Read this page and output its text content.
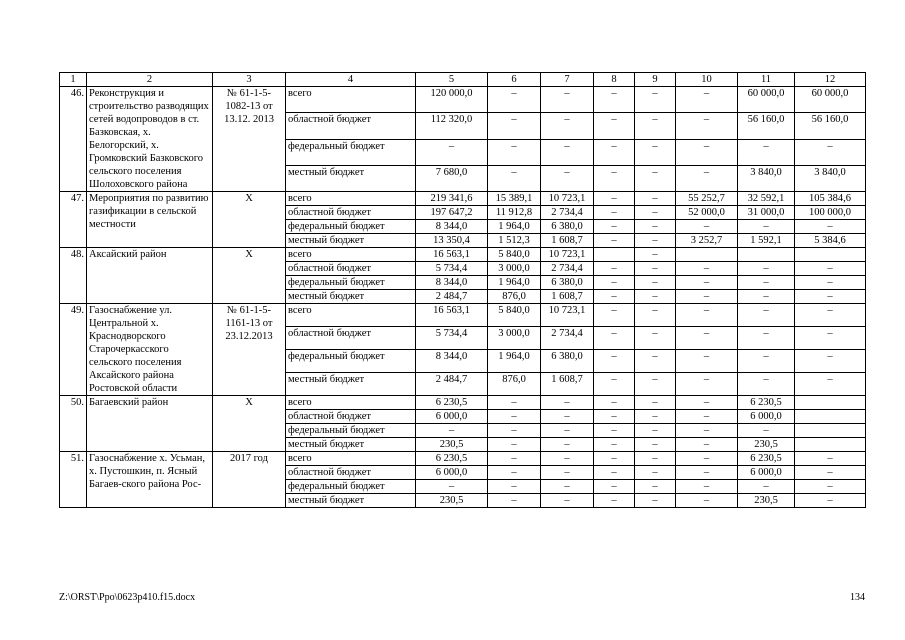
1	2	3	4	5	6	7	8	9	10	11	12
46.	Реконструкция и строительство разводящих сетей водопроводов в ст. Базковская, х. Белогорский, х. Громковский Базковского сельского поселения Шолоховского района	№ 61-1-5-1082-13 от 13.12. 2013	всего	120 000,0	–	–	–	–	–	60 000,0	60 000,0
			областной бюджет	112 320,0	–	–	–	–	–	56 160,0	56 160,0
			федеральный бюджет	–	–	–	–	–	–	–	–
			местный бюджет	7 680,0	–	–	–	–	–	3 840,0	3 840,0
47.	Мероприятия по развитию газификации в сельской местности	Х	всего	219 341,6	15 389,1	10 723,1	–	–	55 252,7	32 592,1	105 384,6
			областной бюджет	197 647,2	11 912,8	2 734,4	–	–	52 000,0	31 000,0	100 000,0
			федеральный бюджет	8 344,0	1 964,0	6 380,0	–	–	–	–	–
			местный бюджет	13 350,4	1 512,3	1 608,7	–	–	3 252,7	1 592,1	5 384,6
48.	Аксайский район	Х	всего	16 563,1	5 840,0	10 723,1		–			
			областной бюджет	5 734,4	3 000,0	2 734,4	–	–	–	–	–
			федеральный бюджет	8 344,0	1 964,0	6 380,0	–	–	–	–	–
			местный бюджет	2 484,7	876,0	1 608,7	–	–	–	–	–
49.	Газоснабжение ул. Центральной х. Краснодворского Старочеркасского сельского поселения Аксайского района Ростовской области	№ 61-1-5-1161-13 от 23.12.2013	всего	16 563,1	5 840,0	10 723,1	–	–	–	–	–
			областной бюджет	5 734,4	3 000,0	2 734,4	–	–	–	–	–
			федеральный бюджет	8 344,0	1 964,0	6 380,0	–	–	–	–	–
			местный бюджет	2 484,7	876,0	1 608,7	–	–	–	–	–
50.	Багаевский район	Х	всего	6 230,5	–	–	–	–	–	6 230,5	
			областной бюджет	6 000,0	–	–	–	–	–	6 000,0	
			федеральный бюджет	–	–	–	–	–	–	–	
			местный бюджет	230,5	–	–	–	–	–	230,5	
51.	Газоснабжение х. Усьман, х. Пустошкин, п. Ясный Багаев-ского района Рос-	2017 год	всего	6 230,5	–	–	–	–	–	6 230,5	–
			областной бюджет	6 000,0	–	–	–	–	–	6 000,0	–
			федеральный бюджет	–	–	–	–	–	–	–	–
			местный бюджет	230,5	–	–	–	–	–	230,5	–
Z:\ORST\Ppo\0623p410.f15.docx	134
